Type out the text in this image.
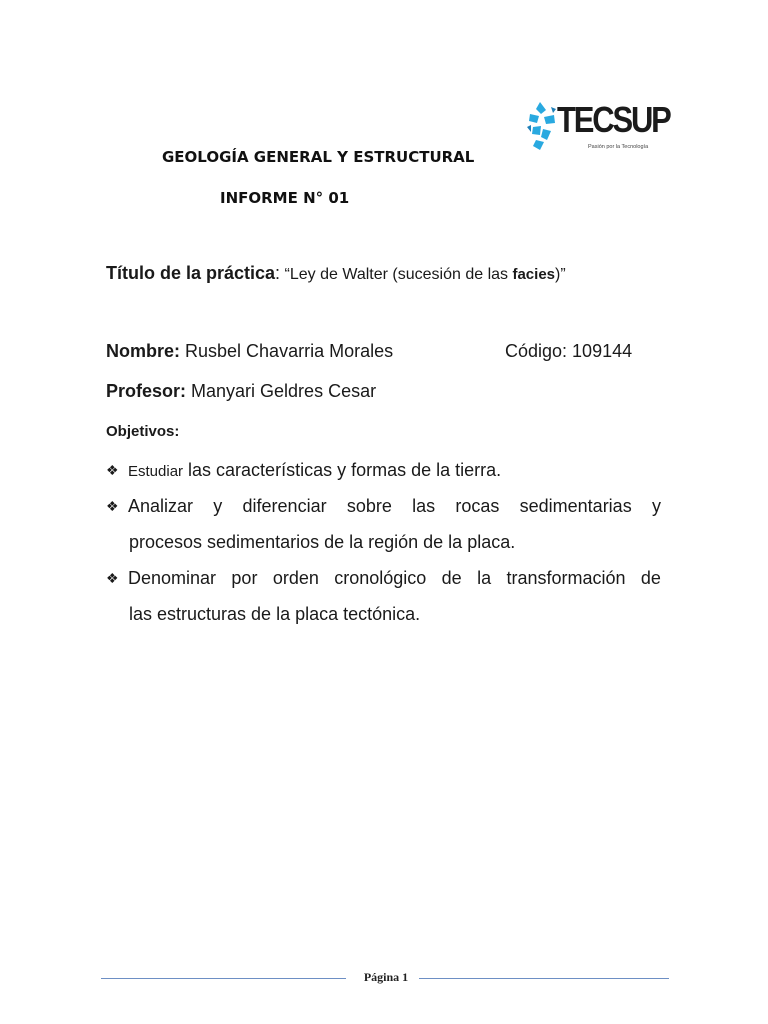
TECSUP
Pasión por la Tecnología
GEOLOGÍA GENERAL Y ESTRUCTURAL
INFORME N° 01
Título de la práctica: “Ley de Walter (sucesión de las facies)”
Nombre: Rusbel Chavarria Morales	Código: 109144
Profesor: Manyari Geldres Cesar
Objetivos:
❖ Estudiar las características y formas de la tierra.
❖ Analizar y diferenciar sobre las rocas sedimentarias y
procesos sedimentarios de la región de la placa.
❖ Denominar por orden cronológico de la transformación de
las estructuras de la placa tectónica.
Página 1
